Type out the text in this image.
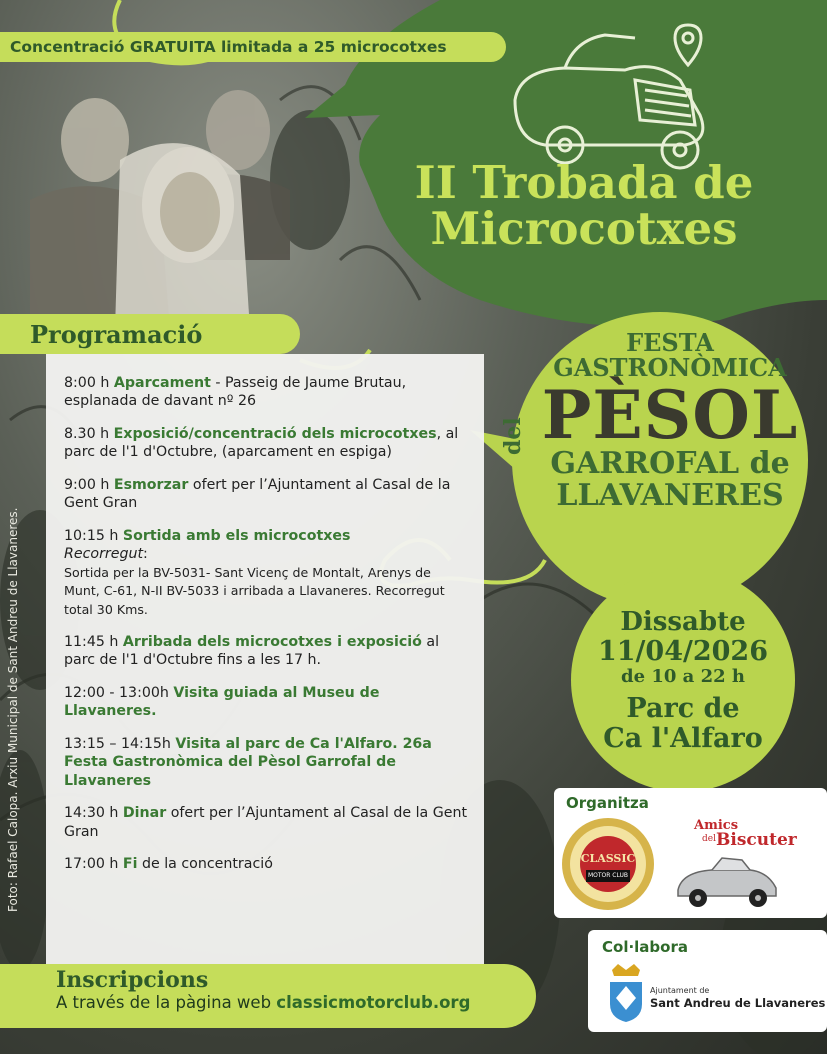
Concentració GRATUITA limitada a 25 microcotxes
II Trobada de
Microcotxes
Programació
8:00 h Aparcament - Passeig de Jaume Brutau, esplanada de davant nº 26
8.30 h Exposició/concentració dels microcotxes, al parc de l'1 d'Octubre, (aparcament en espiga)
9:00 h Esmorzar ofert per l’Ajuntament al Casal de la Gent Gran
10:15 h Sortida amb els microcotxes
Recorregut:
Sortida per la BV-5031- Sant Vicenç de Montalt, Arenys de Munt, C-61, N-II BV-5033 i arribada a Llavaneres. Recorregut total 30 Kms.
11:45 h Arribada dels microcotxes i exposició al parc de l'1 d'Octubre fins a les 17 h.
12:00 - 13:00h Visita guiada al Museu de Llavaneres.
13:15 – 14:15h Visita al parc de Ca l'Alfaro. 26a Festa Gastronòmica del Pèsol Garrofal de Llavaneres
14:30 h Dinar ofert per l’Ajuntament al Casal de la Gent Gran
17:00 h Fi de la concentració
Inscripcions
A través de la pàgina web classicmotorclub.org
FESTA
GASTRONÒMICA
PÈSOL
GARROFAL de
LLAVANERES
del
Dissabte
11/04/2026
de 10 a 22 h
Parc de
Ca l'Alfaro
Organitza
CLASSIC
MOTOR CLUB
Amics
del Biscuter
Col·labora
Ajuntament de
Sant Andreu de Llavaneres
Foto: Rafael Calopa. Arxiu Municipal de Sant Andreu de Llavaneres.
